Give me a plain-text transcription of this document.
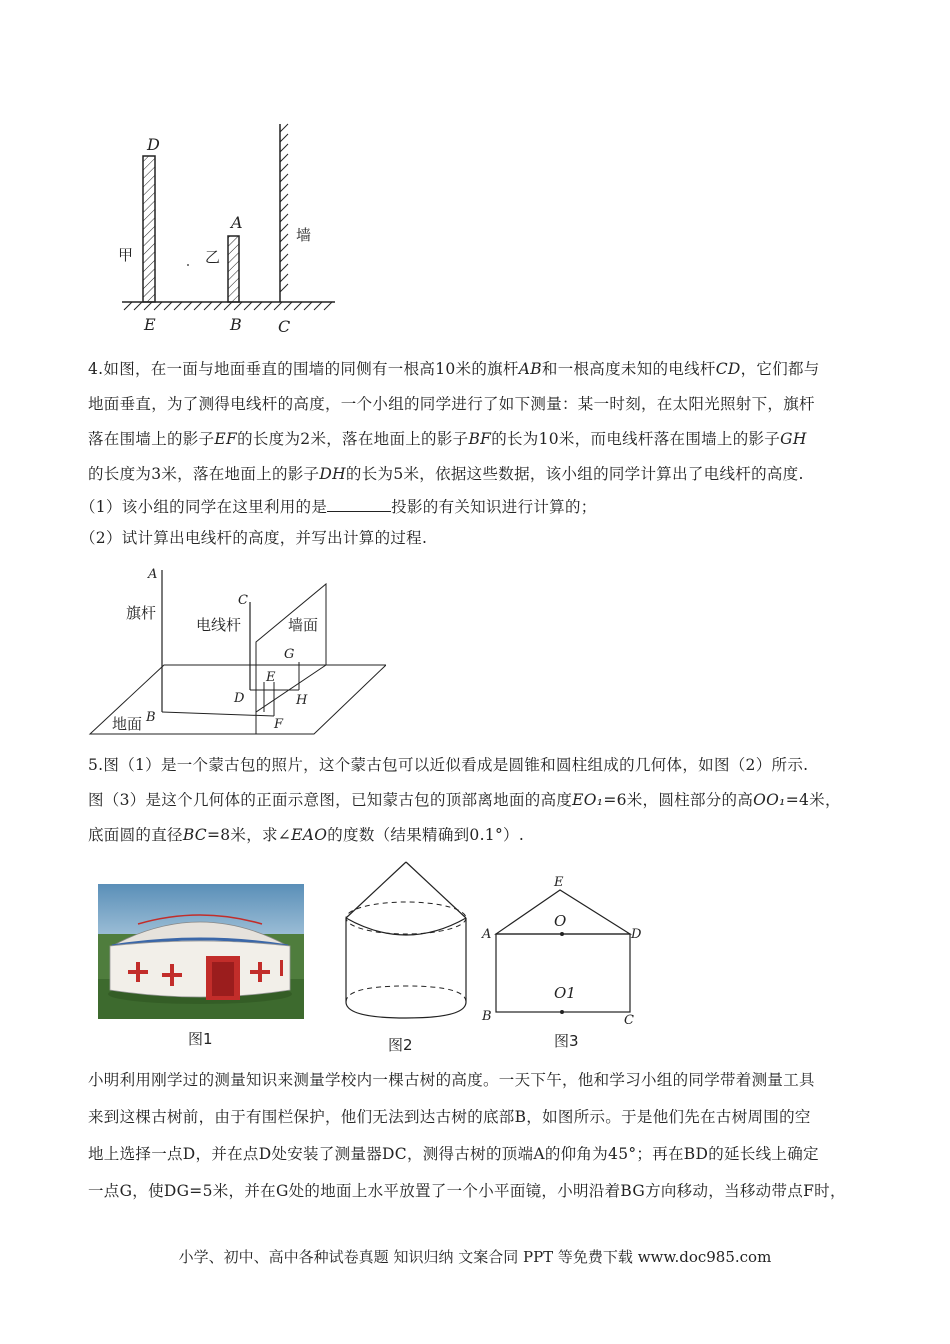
D
A
甲	乙
墙
E	B C

4.如图，在一面与地面垂直的围墙的同侧有一根高10米的旗杆AB和一根高度未知的电线杆CD，它们都与

地面垂直，为了测得电线杆的高度，一个小组的同学进行了如下测量：某一时刻，在太阳光照射下，旗杆

落在围墙上的影子EF的长度为2米，落在地面上的影子BF的长为10米，而电线杆落在围墙上的影子GH

的长度为3米，落在地面上的影子DH的长为5米，依据这些数据，该小组的同学计算出了电线杆的高度.

（1）该小组的同学在这里利用的是	投影的有关知识进行计算的；

（2）试计算出电线杆的高度，并写出计算的过程.

A
旗杆
C
电线杆	墙面
G
E
D	H
地面 B	F

5.图（1）是一个蒙古包的照片，这个蒙古包可以近似看成是圆锥和圆柱组成的几何体，如图（2）所示.

图（3）是这个几何体的正面示意图，已知蒙古包的顶部离地面的高度EO₁=6米，圆柱部分的高OO₁=4米，

底面圆的直径BC=8米，求∠EAO的度数（结果精确到0.1°）.

图1	图2
E
O
A	D
O1
B	C
图3

小明利用刚学过的测量知识来测量学校内一棵古树的高度。一天下午，他和学习小组的同学带着测量工具

来到这棵古树前，由于有围栏保护，他们无法到达古树的底部B，如图所示。于是他们先在古树周围的空

地上选择一点D，并在点D处安装了测量器DC，测得古树的顶端A的仰角为45°；再在BD的延长线上确定

一点G，使DG=5米，并在G处的地面上水平放置了一个小平面镜，小明沿着BG方向移动，当移动带点F时，

小学、初中、高中各种试卷真题 知识归纳 文案合同 PPT 等免费下载 www.doc985.com
